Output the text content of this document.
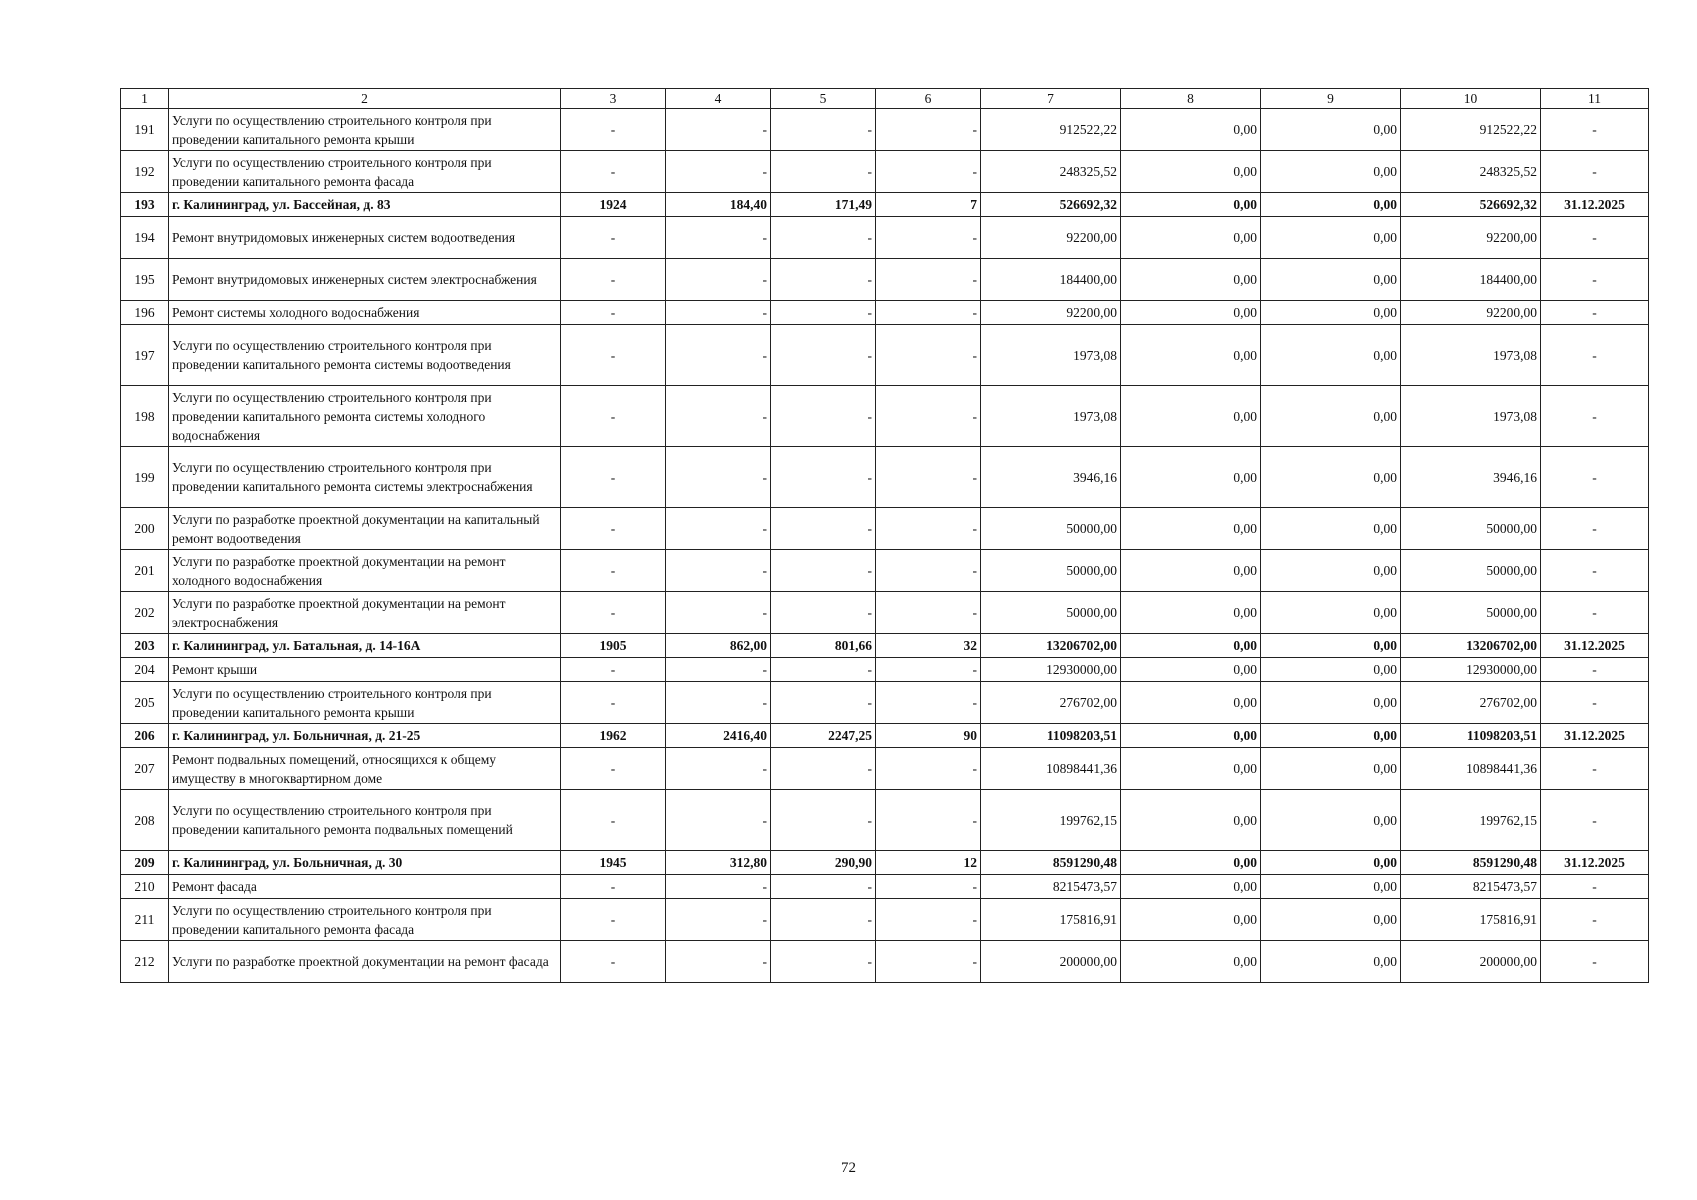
1	2	3	4	5	6	7	8	9	10	11
191	Услуги по осуществлению строительного контроля при проведении капитального ремонта крыши	-	-	-	-	912522,22	0,00	0,00	912522,22	-
192	Услуги по осуществлению строительного контроля при проведении капитального ремонта фасада	-	-	-	-	248325,52	0,00	0,00	248325,52	-
193	г. Калининград, ул. Бассейная, д. 83	1924	184,40	171,49	7	526692,32	0,00	0,00	526692,32	31.12.2025
194	Ремонт внутридомовых инженерных систем водоотведения	-	-	-	-	92200,00	0,00	0,00	92200,00	-
195	Ремонт внутридомовых инженерных систем электроснабжения	-	-	-	-	184400,00	0,00	0,00	184400,00	-
196	Ремонт системы холодного водоснабжения	-	-	-	-	92200,00	0,00	0,00	92200,00	-
197	Услуги по осуществлению строительного контроля при проведении капитального ремонта системы водоотведения	-	-	-	-	1973,08	0,00	0,00	1973,08	-
198	Услуги по осуществлению строительного контроля при проведении капитального ремонта системы холодного водоснабжения	-	-	-	-	1973,08	0,00	0,00	1973,08	-
199	Услуги по осуществлению строительного контроля при проведении капитального ремонта системы электроснабжения	-	-	-	-	3946,16	0,00	0,00	3946,16	-
200	Услуги по разработке проектной документации на капитальный ремонт водоотведения	-	-	-	-	50000,00	0,00	0,00	50000,00	-
201	Услуги по разработке проектной документации на ремонт холодного водоснабжения	-	-	-	-	50000,00	0,00	0,00	50000,00	-
202	Услуги по разработке проектной документации на ремонт электроснабжения	-	-	-	-	50000,00	0,00	0,00	50000,00	-
203	г. Калининград, ул. Батальная, д. 14-16А	1905	862,00	801,66	32	13206702,00	0,00	0,00	13206702,00	31.12.2025
204	Ремонт крыши	-	-	-	-	12930000,00	0,00	0,00	12930000,00	-
205	Услуги по осуществлению строительного контроля при проведении капитального ремонта крыши	-	-	-	-	276702,00	0,00	0,00	276702,00	-
206	г. Калининград, ул. Больничная, д. 21-25	1962	2416,40	2247,25	90	11098203,51	0,00	0,00	11098203,51	31.12.2025
207	Ремонт подвальных помещений, относящихся к общему имуществу в многоквартирном доме	-	-	-	-	10898441,36	0,00	0,00	10898441,36	-
208	Услуги по осуществлению строительного контроля при проведении капитального ремонта подвальных помещений	-	-	-	-	199762,15	0,00	0,00	199762,15	-
209	г. Калининград, ул. Больничная, д. 30	1945	312,80	290,90	12	8591290,48	0,00	0,00	8591290,48	31.12.2025
210	Ремонт фасада	-	-	-	-	8215473,57	0,00	0,00	8215473,57	-
211	Услуги по осуществлению строительного контроля при проведении капитального ремонта фасада	-	-	-	-	175816,91	0,00	0,00	175816,91	-
212	Услуги по разработке проектной документации на ремонт фасада	-	-	-	-	200000,00	0,00	0,00	200000,00	-
72
